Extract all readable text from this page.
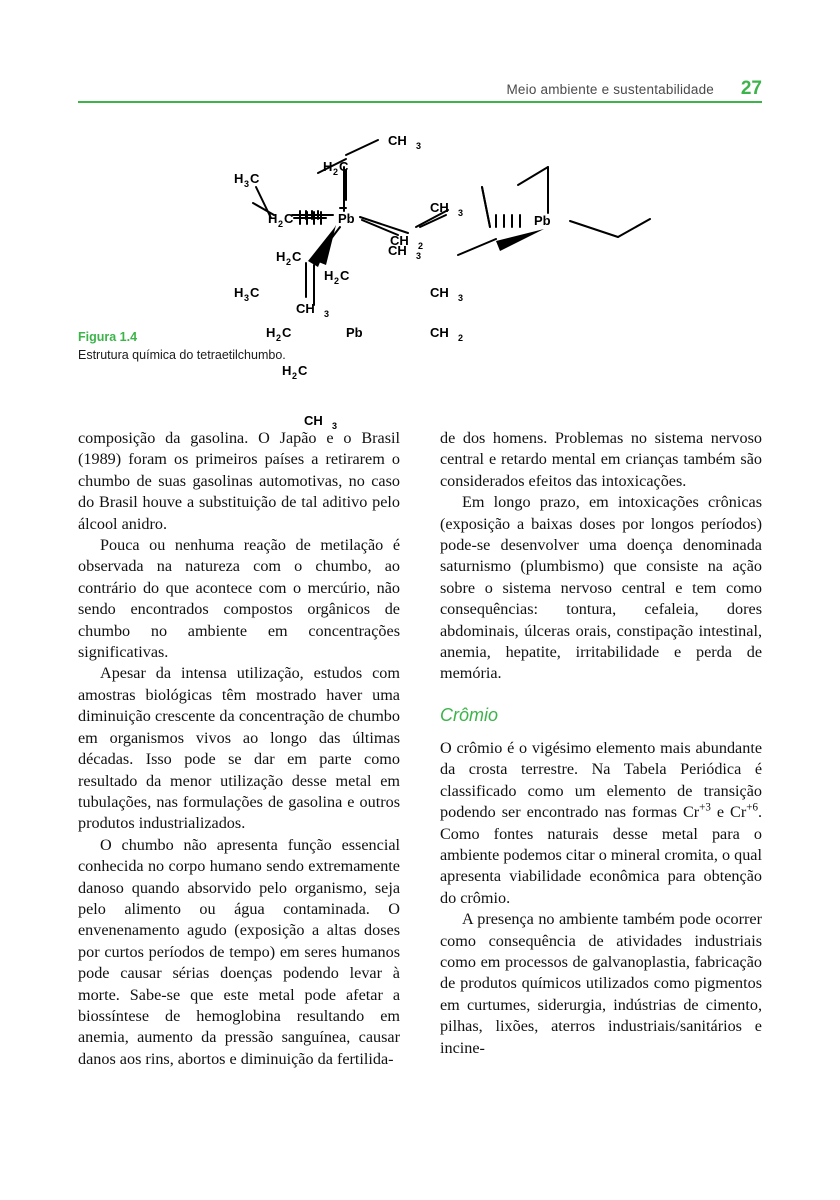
Meio ambiente e sustentabilidade 27
CH 3
H 2 C
H 3 C
H 2 C	Pb	CH 2
CH 3
H 2 C
CH 3
CH 3
H 2 C
H 3 C
H 2 C	Pb
CH 2
CH 3
H 2 C
CH 3
Pb

Figura 1.4

Estrutura química do tetraetilchumbo.

composição da gasolina. O Japão e o Brasil (1989) foram os primeiros países a retirarem o chumbo de suas gasolinas automotivas, no caso do Brasil houve a substituição de tal aditivo pelo álcool anidro.

Pouca ou nenhuma reação de metilação é observada na natureza com o chumbo, ao contrário do que acontece com o mercúrio, não sendo encontrados compostos orgânicos de chumbo no ambiente em concentrações significativas.

Apesar da intensa utilização, estudos com amostras biológicas têm mostrado haver uma diminuição crescente da concentração de chumbo em organismos vivos ao longo das últimas décadas. Isso pode se dar em parte como resultado da menor utilização desse metal em tubulações, nas formulações de gasolina e outros produtos industrializados.

O chumbo não apresenta função essencial conhecida no corpo humano sendo extremamente danoso quando absorvido pelo organismo, seja pelo alimento ou água contaminada. O envenenamento agudo (exposição a altas doses por curtos períodos de tempo) em seres humanos pode causar sérias doenças podendo levar à morte. Sabe-se que este metal pode afetar a biossíntese de hemoglobina resultando em anemia, aumento da pressão sanguínea, causar danos aos rins, abortos e diminuição da fertilida-

de dos homens. Problemas no sistema nervoso central e retardo mental em crianças também são considerados efeitos das intoxicações.

Em longo prazo, em intoxicações crônicas (exposição a baixas doses por longos períodos) pode-se desenvolver uma doença denominada saturnismo (plumbismo) que consiste na ação sobre o sistema nervoso central e tem como consequências: tontura, cefaleia, dores abdominais, úlceras orais, constipação intestinal, anemia, hepatite, irritabilidade e perda de memória.

Crômio

O crômio é o vigésimo elemento mais abundante da crosta terrestre. Na Tabela Periódica é classificado como um elemento de transição podendo ser encontrado nas formas $Cr^{+3}$ e $Cr^{+6}$. Como fontes naturais desse metal para o ambiente podemos citar o mineral cromita, o qual apresenta viabilidade econômica para obtenção do crômio.

A presença no ambiente também pode ocorrer como consequência de atividades industriais como em processos de galvanoplastia, fabricação de produtos químicos utilizados como pigmentos em curtumes, siderurgia, indústrias de cimento, pilhas, lixões, aterros industriais/sanitários e incine-
